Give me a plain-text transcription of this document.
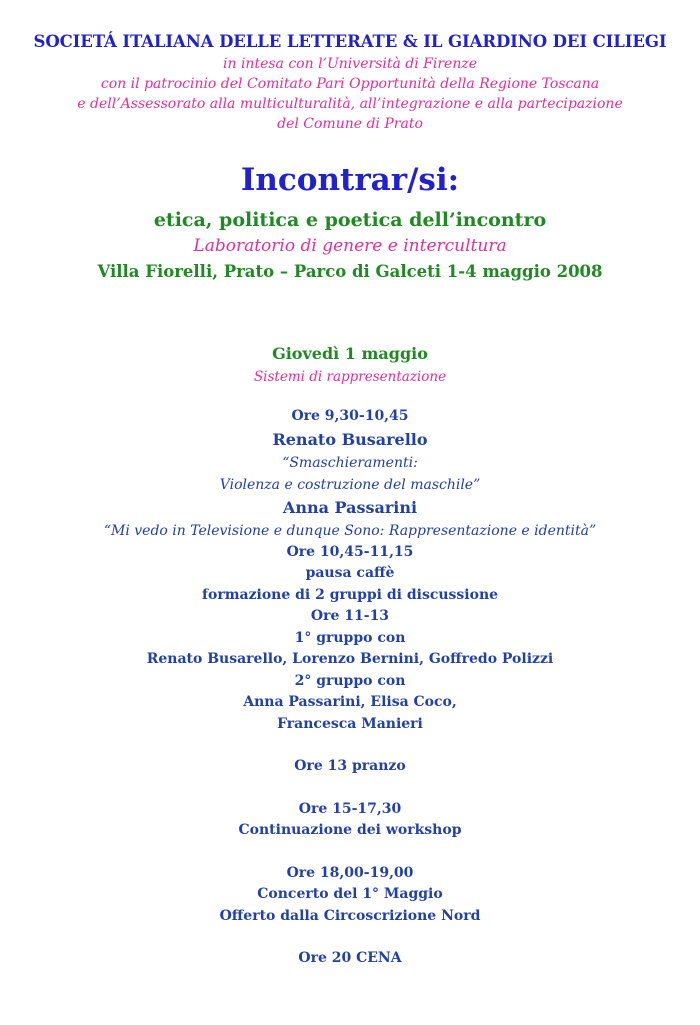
SOCIETÁ ITALIANA DELLE LETTERATE & IL GIARDINO DEI CILIEGI
in intesa con l’Università di Firenze
con il patrocinio del Comitato Pari Opportunità della Regione Toscana
e dell’Assessorato alla multiculturalità, all’integrazione e alla partecipazione
del Comune di Prato
Incontrar/si:
etica, politica e poetica dell’incontro
Laboratorio di genere e intercultura
Villa Fiorelli, Prato – Parco di Galceti 1-4 maggio 2008
Giovedì 1 maggio
Sistemi di rappresentazione
Ore 9,30-10,45
Renato Busarello
“Smaschieramenti:
Violenza e costruzione del maschile”
Anna Passarini
“Mi vedo in Televisione e dunque Sono: Rappresentazione e identità”
Ore 10,45-11,15
pausa caffè
formazione di 2 gruppi di discussione
Ore 11-13
1° gruppo con
Renato Busarello, Lorenzo Bernini, Goffredo Polizzi
2° gruppo con
Anna Passarini, Elisa Coco,
Francesca Manieri
Ore 13 pranzo
Ore 15-17,30
Continuazione dei workshop
Ore 18,00-19,00
Concerto del 1° Maggio
Offerto dalla Circoscrizione Nord
Ore 20 CENA
